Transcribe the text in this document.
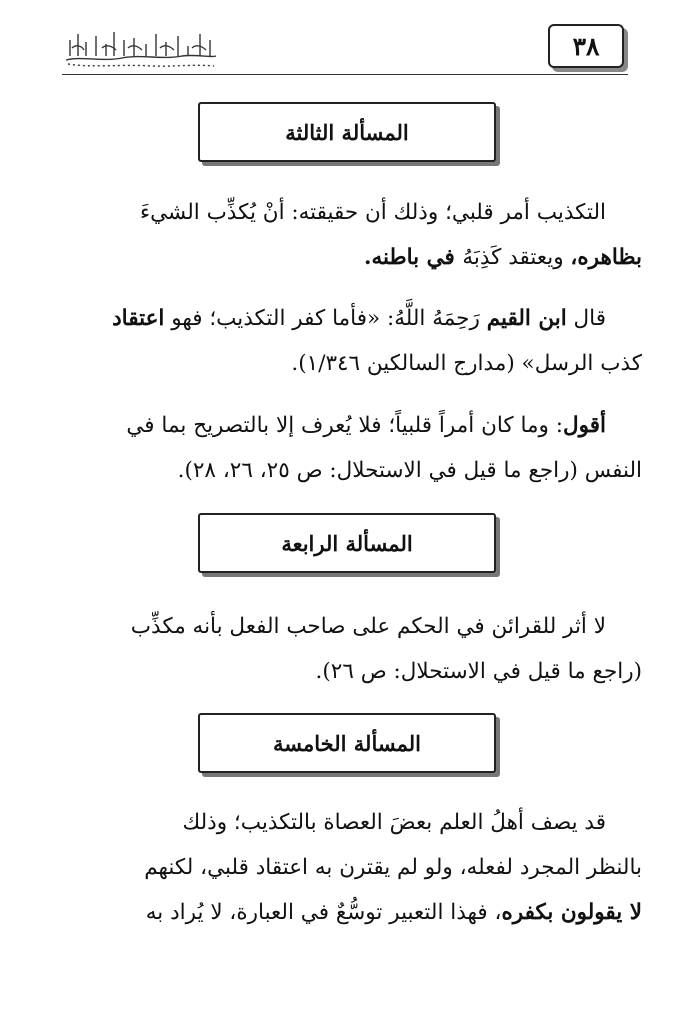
٣٨
المسألة الثالثة
التكذيب أمر قلبي؛ وذلك أن حقيقته: أنْ يُكذِّب الشيءَ
بظاهره، ويعتقد كَذِبَهُ في باطنه.
قال ابن القيم رَحِمَهُ اللَّهُ: «فأما كفر التكذيب؛ فهو اعتقاد
كذب الرسل» (مدارج السالكين ١/٣٤٦).
أقول: وما كان أمراً قلبياً؛ فلا يُعرف إلا بالتصريح بما في
النفس (راجع ما قيل في الاستحلال: ص ٢٥، ٢٦، ٢٨).
المسألة الرابعة
لا أثر للقرائن في الحكم على صاحب الفعل بأنه مكذِّب
(راجع ما قيل في الاستحلال: ص ٢٦).
المسألة الخامسة
قد يصف أهلُ العلم بعضَ العصاة بالتكذيب؛ وذلك
بالنظر المجرد لفعله، ولو لم يقترن به اعتقاد قلبي، لكنهم
لا يقولون بكفره، فهذا التعبير توسُّعٌ في العبارة، لا يُراد به
